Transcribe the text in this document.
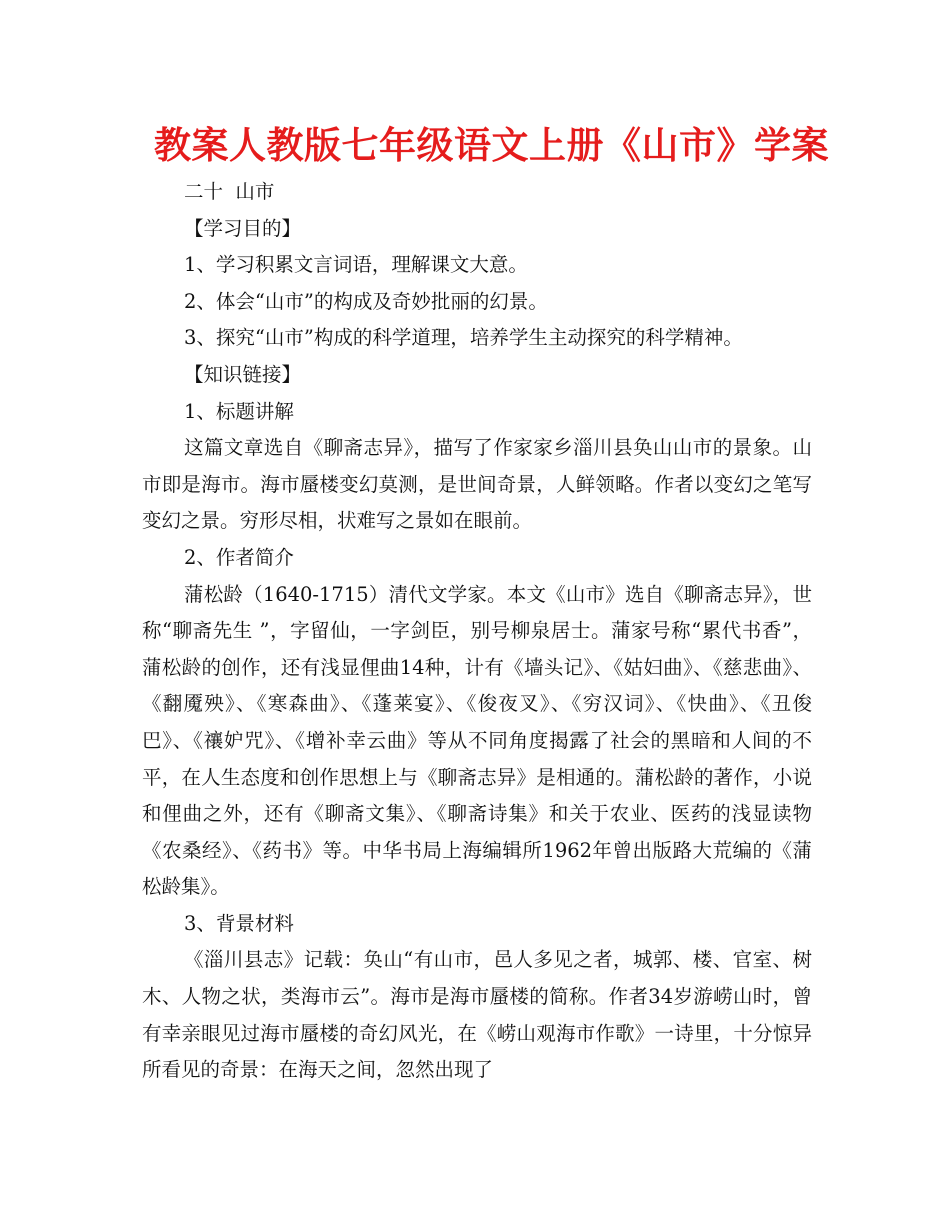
教案人教版七年级语文上册《山市》学案
二十  山市
【学习目的】
1、学习积累文言词语，理解课文大意。
2、体会“山市”的构成及奇妙批丽的幻景。
3、探究“山市”构成的科学道理，培养学生主动探究的科学精神。
【知识链接】
1、标题讲解

这篇文章选自《聊斋志异》，描写了作家家乡淄川县奂山山市的景象。山市即是海市。海市蜃楼变幻莫测，是世间奇景，人鲜领略。作者以变幻之笔写变幻之景。穷形尽相，状难写之景如在眼前。

2、作者简介

蒲松龄（1640-1715）清代文学家。本文《山市》选自《聊斋志异》，世称“聊斋先生 ”，字留仙，一字剑臣，别号柳泉居士。蒲家号称“累代书香”，蒲松龄的创作，还有浅显俚曲14种，计有《墙头记》、《姑妇曲》、《慈悲曲》、《翻魇殃》、《寒森曲》、《蓬莱宴》、《俊夜叉》、《穷汉词》、《快曲》、《丑俊巴》、《禳妒咒》、《增补幸云曲》等从不同角度揭露了社会的黑暗和人间的不平，在人生态度和创作思想上与《聊斋志异》是相通的。蒲松龄的著作，小说和俚曲之外，还有《聊斋文集》、《聊斋诗集》和关于农业、医药的浅显读物《农桑经》、《药书》等。中华书局上海编辑所1962年曾出版路大荒编的《蒲松龄集》。

3、背景材料

《淄川县志》记载：奂山“有山市，邑人多见之者，城郭、楼、官室、树木、人物之状，类海市云”。海市是海市蜃楼的简称。作者34岁游崂山时，曾有幸亲眼见过海市蜃楼的奇幻风光，在《崂山观海市作歌》一诗里，十分惊异所看见的奇景：在海天之间，忽然出现了
